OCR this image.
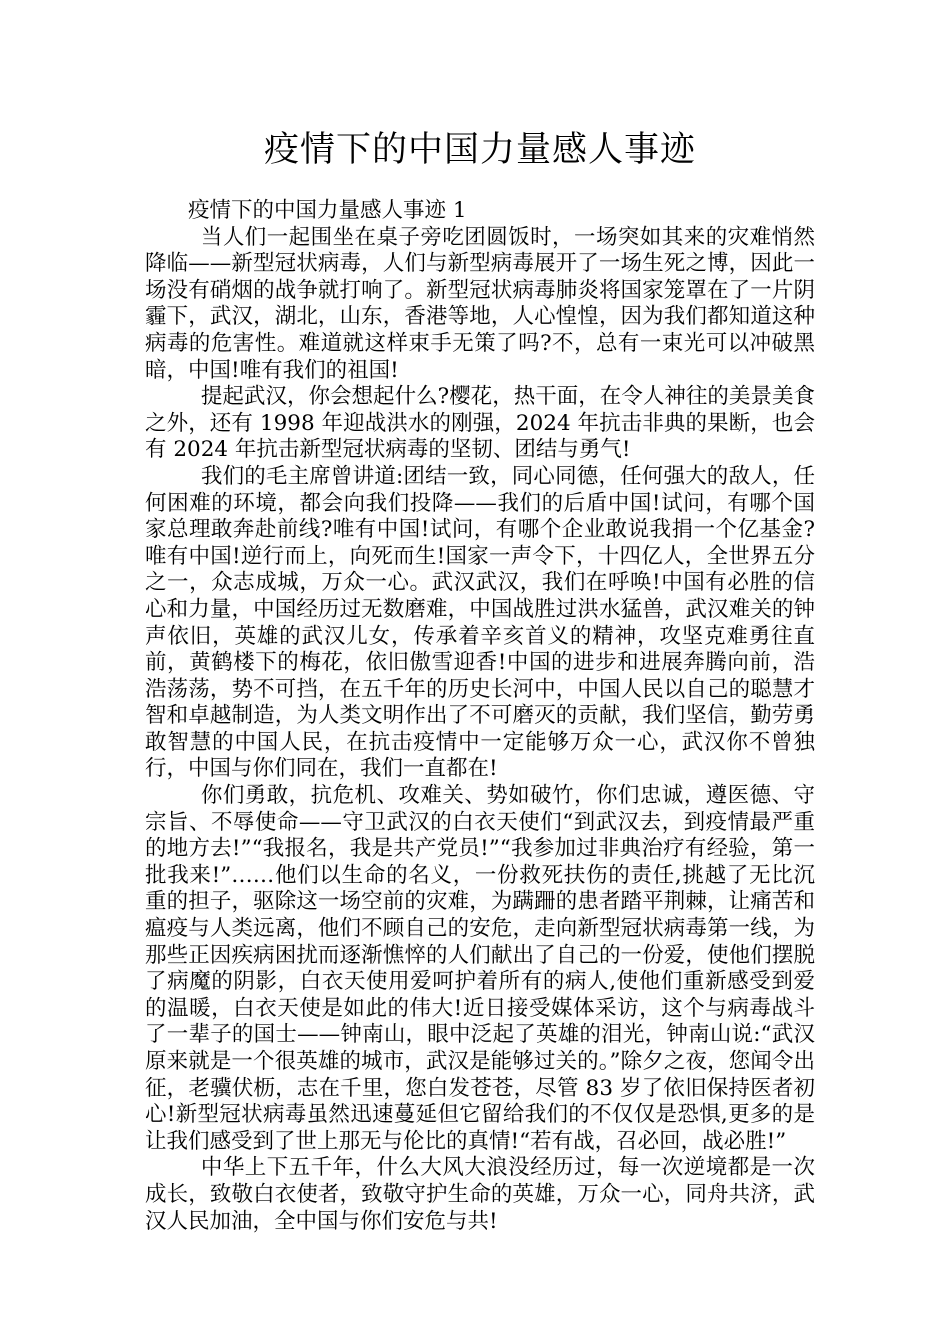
疫情下的中国力量感人事迹

疫情下的中国力量感人事迹 1

当人们一起围坐在桌子旁吃团圆饭时，一场突如其来的灾难悄然降临——新型冠状病毒，人们与新型病毒展开了一场生死之博，因此一场没有硝烟的战争就打响了。新型冠状病毒肺炎将国家笼罩在了一片阴霾下，武汉，湖北，山东，香港等地，人心惶惶，因为我们都知道这种病毒的危害性。难道就这样束手无策了吗?不，总有一束光可以冲破黑暗，中国!唯有我们的祖国!

提起武汉，你会想起什么?樱花，热干面，在令人神往的美景美食之外，还有 1998 年迎战洪水的刚强，2024 年抗击非典的果断，也会有 2024 年抗击新型冠状病毒的坚韧、团结与勇气!

我们的毛主席曾讲道:团结一致，同心同德，任何强大的敌人，任何困难的环境，都会向我们投降——我们的后盾中国!试问，有哪个国家总理敢奔赴前线?唯有中国!试问，有哪个企业敢说我捐一个亿基金?唯有中国!逆行而上，向死而生!国家一声令下，十四亿人，全世界五分之一，众志成城，万众一心。武汉武汉，我们在呼唤!中国有必胜的信心和力量，中国经历过无数磨难，中国战胜过洪水猛兽，武汉难关的钟声依旧，英雄的武汉儿女，传承着辛亥首义的精神，攻坚克难勇往直前，黄鹤楼下的梅花，依旧傲雪迎香!中国的进步和进展奔腾向前，浩浩荡荡，势不可挡，在五千年的历史长河中，中国人民以自己的聪慧才智和卓越制造，为人类文明作出了不可磨灭的贡献，我们坚信，勤劳勇敢智慧的中国人民，在抗击疫情中一定能够万众一心，武汉你不曾独行，中国与你们同在，我们一直都在!

你们勇敢，抗危机、攻难关、势如破竹，你们忠诚，遵医德、守宗旨、不辱使命——守卫武汉的白衣天使们“到武汉去，到疫情最严重的地方去!”“我报名，我是共产党员!”“我参加过非典治疗有经验，第一批我来!”……他们以生命的名义，一份救死扶伤的责任,挑越了无比沉重的担子，驱除这一场空前的灾难，为蹒跚的患者踏平荆棘，让痛苦和瘟疫与人类远离，他们不顾自己的安危，走向新型冠状病毒第一线，为那些正因疾病困扰而逐渐憔悴的人们献出了自己的一份爱，使他们摆脱了病魔的阴影，白衣天使用爱呵护着所有的病人,使他们重新感受到爱的温暖，白衣天使是如此的伟大!近日接受媒体采访，这个与病毒战斗了一辈子的国士——钟南山，眼中泛起了英雄的泪光，钟南山说:“武汉原来就是一个很英雄的城市，武汉是能够过关的。”除夕之夜，您闻令出征，老骥伏枥，志在千里，您白发苍苍，尽管 83 岁了依旧保持医者初心!新型冠状病毒虽然迅速蔓延但它留给我们的不仅仅是恐惧,更多的是让我们感受到了世上那无与伦比的真情!“若有战，召必回，战必胜!”

中华上下五千年，什么大风大浪没经历过，每一次逆境都是一次成长，致敬白衣使者，致敬守护生命的英雄，万众一心，同舟共济，武汉人民加油，全中国与你们安危与共!
